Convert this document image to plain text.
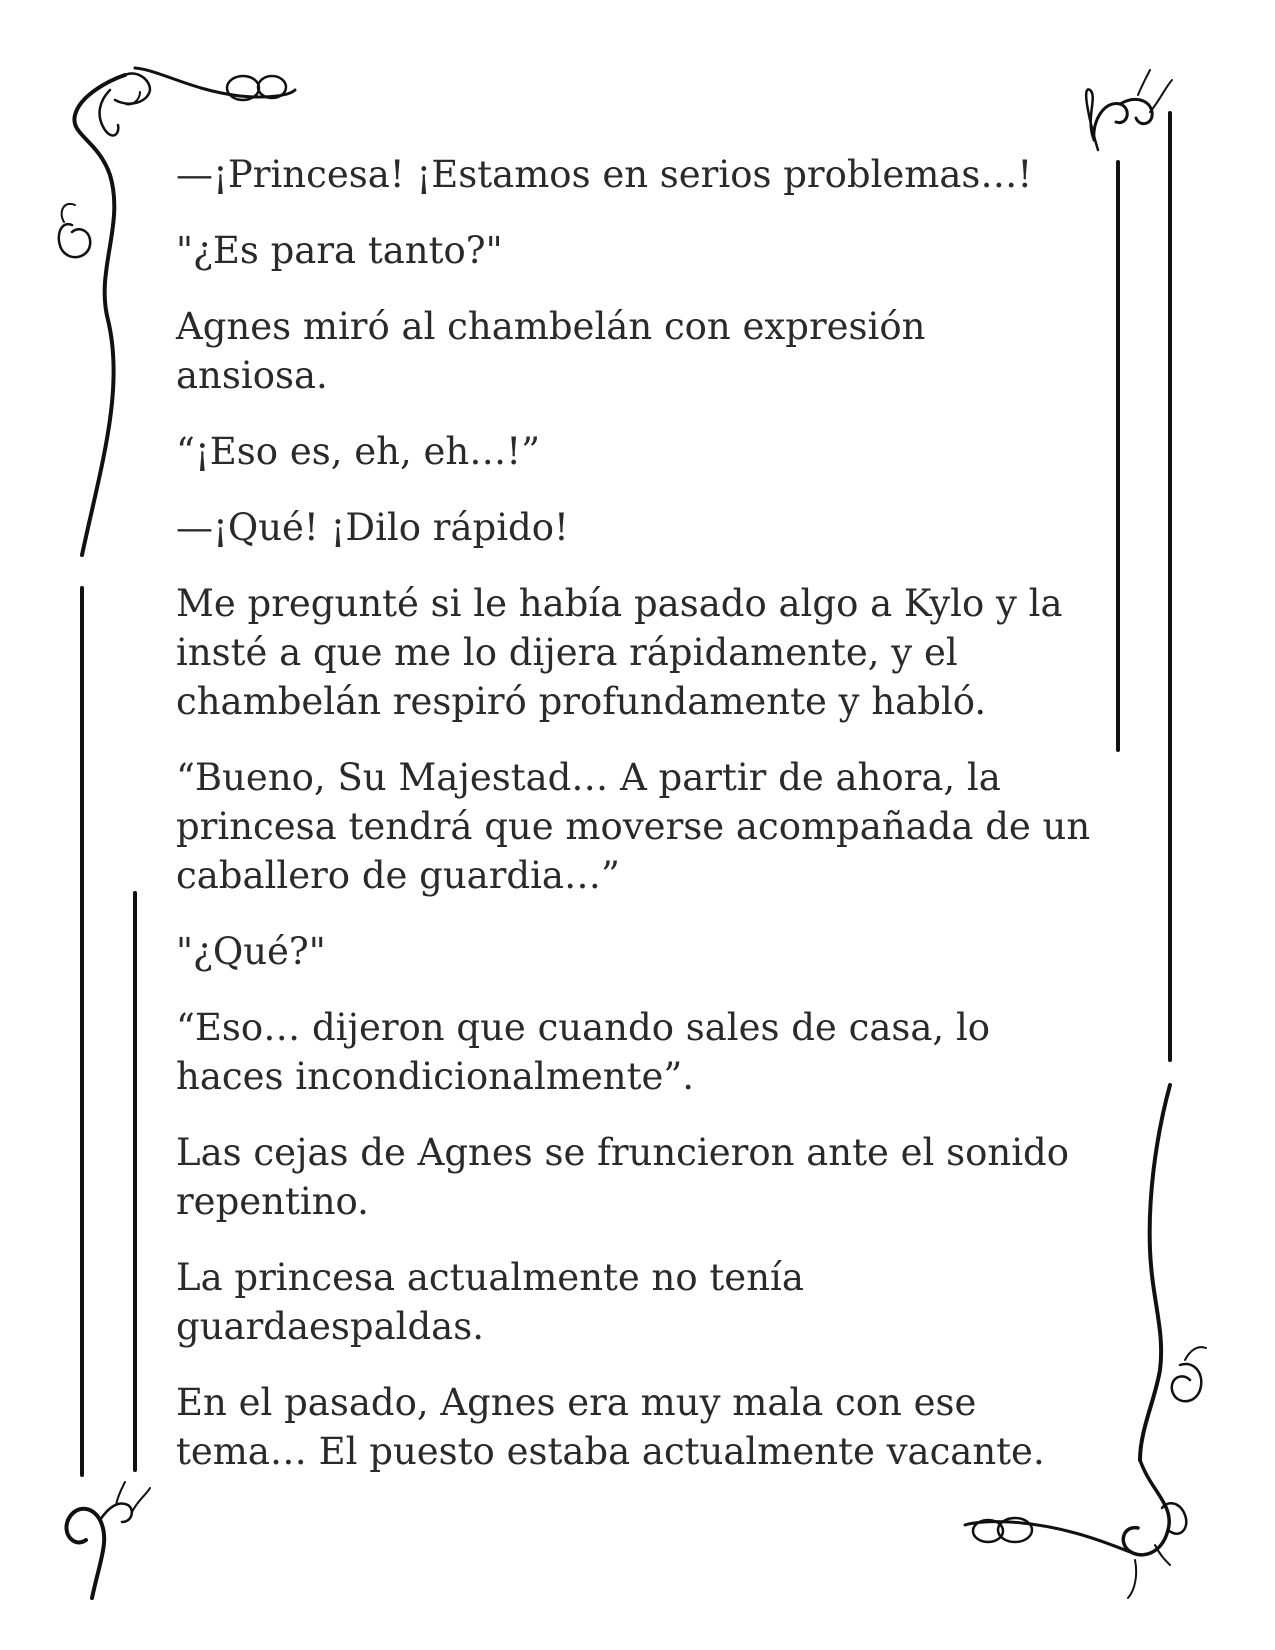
—¡Princesa! ¡Estamos en serios problemas…!

"¿Es para tanto?"

Agnes miró al chambelán con expresión ansiosa.

“¡Eso es, eh, eh…!”

—¡Qué! ¡Dilo rápido!

Me pregunté si le había pasado algo a Kylo y la insté a que me lo dijera rápidamente, y el chambelán respiró profundamente y habló.

“Bueno, Su Majestad… A partir de ahora, la princesa tendrá que moverse acompañada de un caballero de guardia…”

"¿Qué?"

“Eso… dijeron que cuando sales de casa, lo haces incondicionalmente”.

Las cejas de Agnes se fruncieron ante el sonido repentino.

La princesa actualmente no tenía guardaespaldas.

En el pasado, Agnes era muy mala con ese tema… El puesto estaba actualmente vacante.
